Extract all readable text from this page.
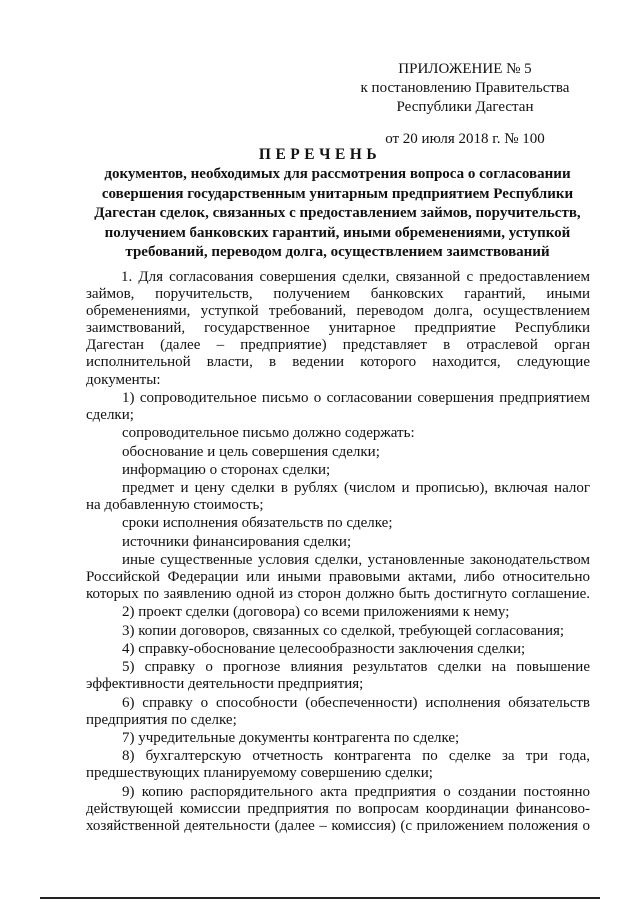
ПРИЛОЖЕНИЕ № 5
к постановлению Правительства
Республики Дагестан
от 20 июля 2018 г. № 100
ПЕРЕЧЕНЬ
документов, необходимых для рассмотрения вопроса о согласовании
совершения государственным унитарным предприятием Республики
Дагестан сделок, связанных с предоставлением займов, поручительств,
получением банковских гарантий, иными обременениями, уступкой
требований, переводом долга, осуществлением заимствований
1. Для согласования совершения сделки, связанной с предоставлением
займов, поручительств, получением банковских гарантий, иными
обременениями, уступкой требований, переводом долга, осуществлением
заимствований, государственное унитарное предприятие Республики
Дагестан (далее – предприятие) представляет в отраслевой орган
исполнительной власти, в ведении которого находится, следующие
документы:
1) сопроводительное письмо о согласовании совершения предприятием
сделки;
сопроводительное письмо должно содержать:
обоснование и цель совершения сделки;
информацию о сторонах сделки;
предмет и цену сделки в рублях (числом и прописью), включая налог
на добавленную стоимость;
сроки исполнения обязательств по сделке;
источники финансирования сделки;
иные существенные условия сделки, установленные законодательством
Российской Федерации или иными правовыми актами, либо относительно
которых по заявлению одной из сторон должно быть достигнуто соглашение.
2) проект сделки (договора) со всеми приложениями к нему;
3) копии договоров, связанных со сделкой, требующей согласования;
4) справку-обоснование целесообразности заключения сделки;
5) справку о прогнозе влияния результатов сделки на повышение
эффективности деятельности предприятия;
6) справку о способности (обеспеченности) исполнения обязательств
предприятия по сделке;
7) учредительные документы контрагента по сделке;
8) бухгалтерскую отчетность контрагента по сделке за три года,
предшествующих планируемому совершению сделки;
9) копию распорядительного акта предприятия о создании постоянно
действующей комиссии предприятия по вопросам координации финансово-
хозяйственной деятельности (далее – комиссия) (с приложением положения о
